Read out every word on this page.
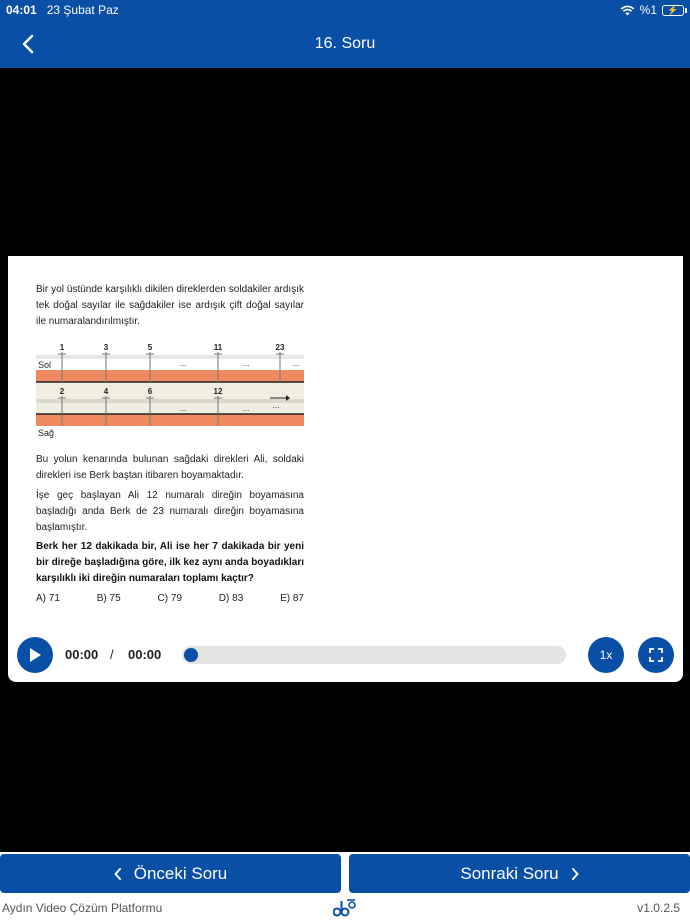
04:01 23 Şubat Paz	%1	⚡
16. Soru

Bir yol üstünde karşılıklı dikilen direklerden soldakiler ardışık tek doğal sayılar ile sağdakiler ise ardışık çift doğal sayılar ile numaralandırılmıştır.

Sol
Sağ
1	3	5	11	23
2	4	6	12
...	...	...
...	...	...

Bu yolun kenarında bulunan sağdaki direkleri Ali, soldaki direkleri ise Berk baştan itibaren boyamaktadır.

İşe geç başlayan Ali 12 numaralı direğin boyamasına başladığı anda Berk de 23 numaralı direğin boyamasına başlamıştır.

Berk her 12 dakikada bir, Ali ise her 7 dakikada bir yeni bir direğe başladığına göre, ilk kez aynı anda boyadıkları karşılıklı iki direğin numaraları toplamı kaçtır?

A) 71	B) 75	C) 79	D) 83	E) 87
00:00 / 00:00	1x
Önceki Soru	Sonraki Soru
Aydın Video Çözüm Platformu	v1.0.2.5
